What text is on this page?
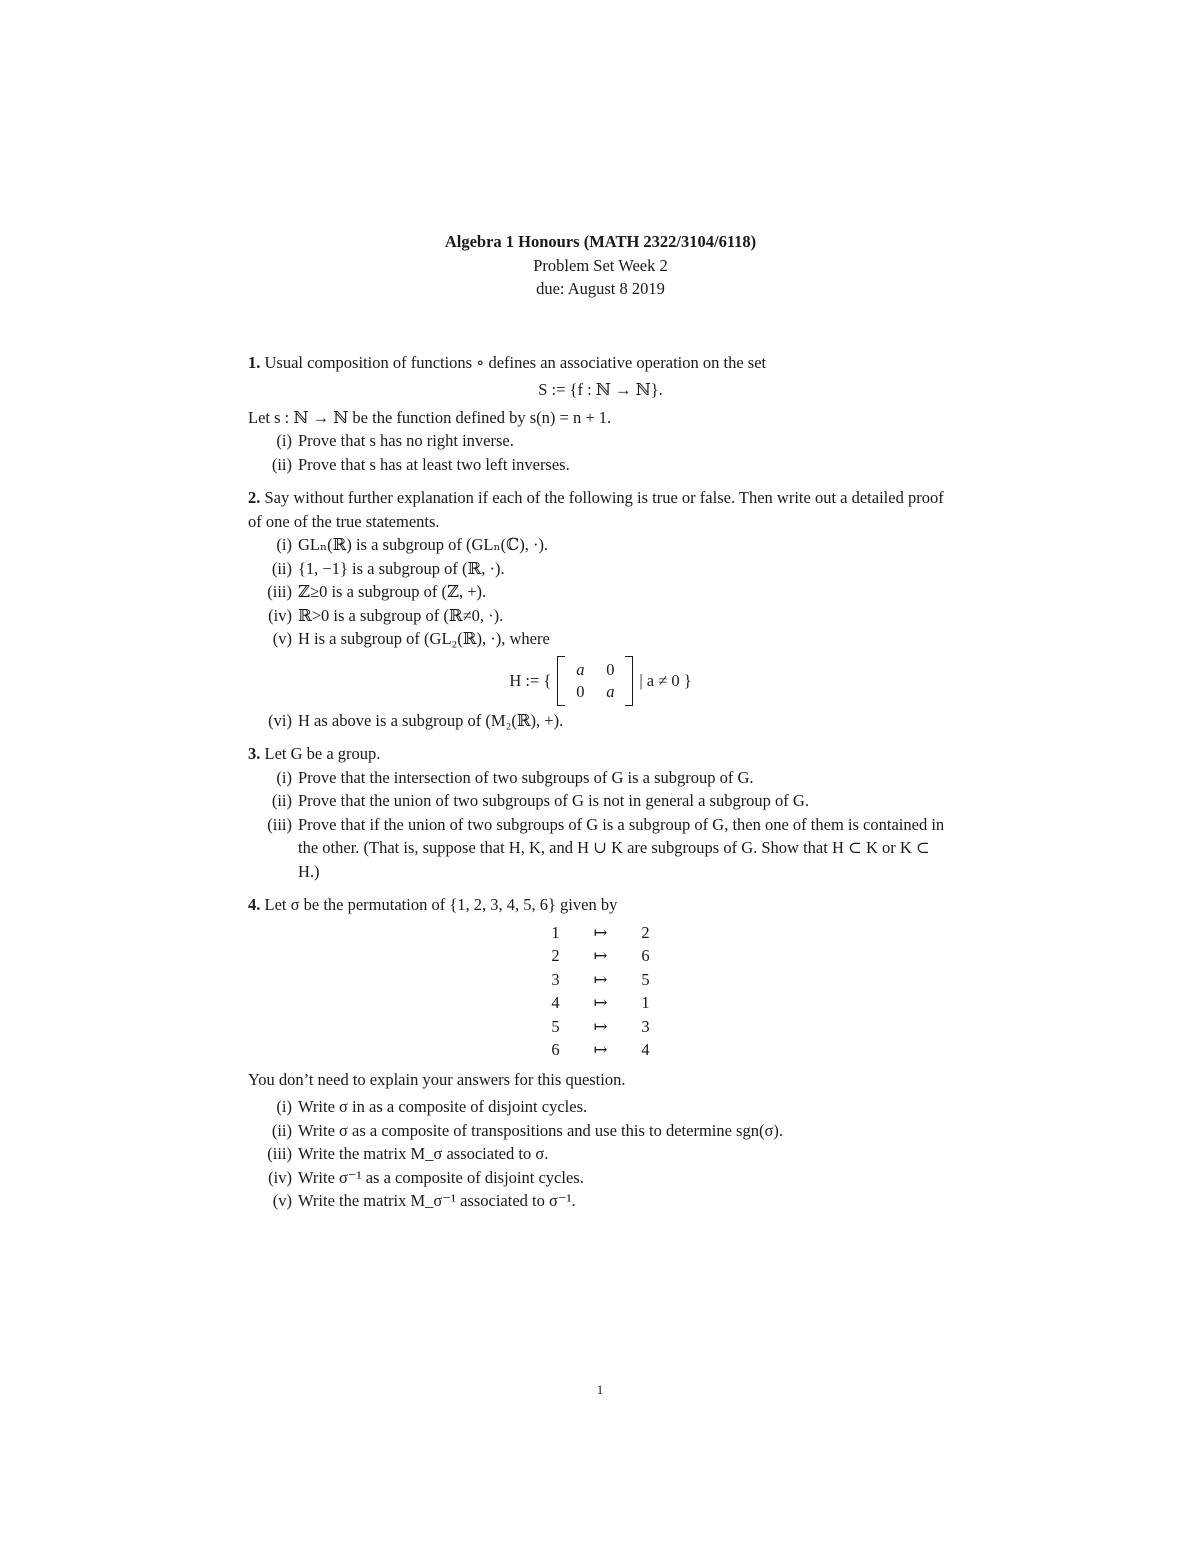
Algebra 1 Honours (MATH 2322/3104/6118)
Problem Set Week 2
due: August 8 2019
1. Usual composition of functions ∘ defines an associative operation on the set
S := {f : ℕ → ℕ}.
Let s : ℕ → ℕ be the function defined by s(n) = n + 1.
(i) Prove that s has no right inverse.
(ii) Prove that s has at least two left inverses.
2. Say without further explanation if each of the following is true or false. Then write out a detailed proof of one of the true statements.
(i) GLₙ(ℝ) is a subgroup of (GLₙ(ℂ), ·).
(ii) {1, −1} is a subgroup of (ℝ, ·).
(iii) ℤ≥0 is a subgroup of (ℤ, +).
(iv) ℝ>0 is a subgroup of (ℝ≠0, ·).
(v) H is a subgroup of (GL₂(ℝ), ·), where
H := {
a	0
0	a
| a ≠ 0 }
(vi) H as above is a subgroup of (M₂(ℝ), +).
3. Let G be a group.
(i) Prove that the intersection of two subgroups of G is a subgroup of G.
(ii) Prove that the union of two subgroups of G is not in general a subgroup of G.
(iii) Prove that if the union of two subgroups of G is a subgroup of G, then one of them is contained in the other. (That is, suppose that H, K, and H ∪ K are subgroups of G. Show that H ⊂ K or K ⊂ H.)
4. Let σ be the permutation of {1, 2, 3, 4, 5, 6} given by
1	↦	2
2	↦	6
3	↦	5
4	↦	1
5	↦	3
6	↦	4
You don’t need to explain your answers for this question.
(i) Write σ in as a composite of disjoint cycles.
(ii) Write σ as a composite of transpositions and use this to determine sgn(σ).
(iii) Write the matrix M_σ associated to σ.
(iv) Write σ⁻¹ as a composite of disjoint cycles.
(v) Write the matrix M_σ⁻¹ associated to σ⁻¹.
1
